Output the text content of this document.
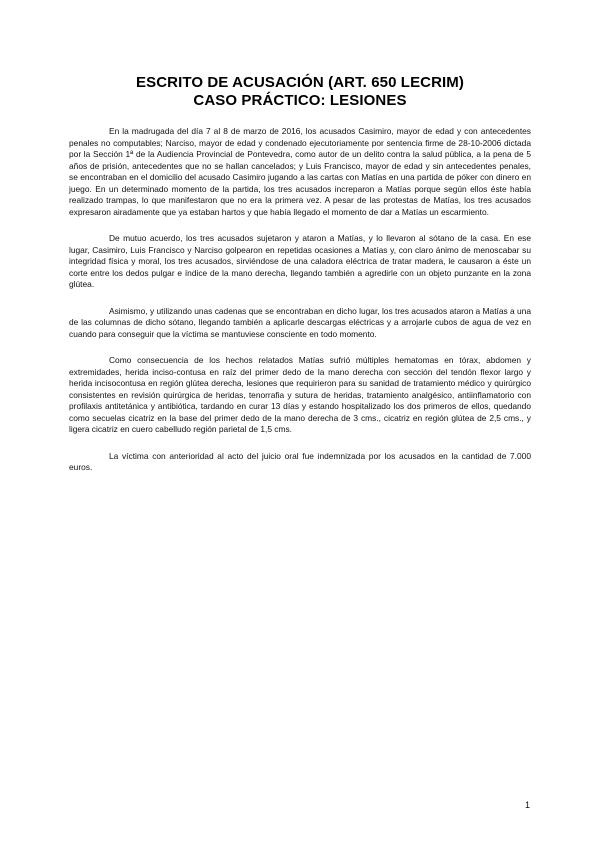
ESCRITO DE ACUSACIÓN (ART. 650 LECRIM)
CASO PRÁCTICO: LESIONES

En la madrugada del día 7 al 8 de marzo de 2016, los acusados Casimiro, mayor de edad y con antecedentes penales no computables; Narciso, mayor de edad y condenado ejecutoriamente por sentencia firme de 28-10-2006 dictada por la Sección 1ª de la Audiencia Provincial de Pontevedra, como autor de un delito contra la salud pública, a la pena de 5 años de prisión, antecedentes que no se hallan cancelados; y Luis Francisco, mayor de edad y sin antecedentes penales, se encontraban en el domicilio del acusado Casimiro jugando a las cartas con Matías en una partida de póker con dinero en juego. En un determinado momento de la partida, los tres acusados increparon a Matías porque según ellos éste había realizado trampas, lo que manifestaron que no era la primera vez. A pesar de las protestas de Matías, los tres acusados expresaron airadamente que ya estaban hartos y que había llegado el momento de dar a Matías un escarmiento.

De mutuo acuerdo, los tres acusados sujetaron y ataron a Matías, y lo llevaron al sótano de la casa. En ese lugar, Casimiro, Luis Francisco y Narciso golpearon en repetidas ocasiones a Matías y, con claro ánimo de menoscabar su integridad física y moral, los tres acusados, sirviéndose de una caladora eléctrica de tratar madera, le causaron a éste un corte entre los dedos pulgar e índice de la mano derecha, llegando también a agredirle con un objeto punzante en la zona glútea.

Asimismo, y utilizando unas cadenas que se encontraban en dicho lugar, los tres acusados ataron a Matías a una de las columnas de dicho sótano, llegando también a aplicarle descargas eléctricas y a arrojarle cubos de agua de vez en cuando para conseguir que la víctima se mantuviese consciente en todo momento.

Como consecuencia de los hechos relatados Matías sufrió múltiples hematomas en tórax, abdomen y extremidades, herida inciso-contusa en raíz del primer dedo de la mano derecha con sección del tendón flexor largo y herida incisocontusa en región glútea derecha, lesiones que requirieron para su sanidad de tratamiento médico y quirúrgico consistentes en revisión quirúrgica de heridas, tenorrafia y sutura de heridas, tratamiento analgésico, antiinflamatorio con profilaxis antitetánica y antibiótica, tardando en curar 13 días y estando hospitalizado los dos primeros de ellos, quedando como secuelas cicatriz en la base del primer dedo de la mano derecha de 3 cms., cicatriz en región glútea de 2,5 cms., y ligera cicatriz en cuero cabelludo región parietal de 1,5 cms.

La víctima con anterioridad al acto del juicio oral fue indemnizada por los acusados en la cantidad de 7.000 euros.

1
